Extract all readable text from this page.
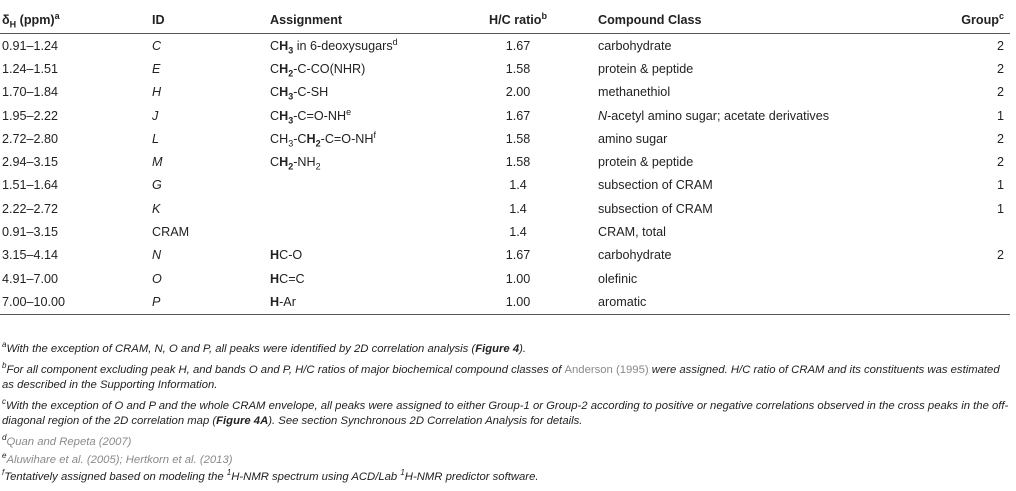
$\delta_H$ (ppm)$^a$	ID	Assignment	H/C ratio$^b$	Compound Class	Group$^c$
0.91–1.24	C	$CH_3$ in 6-deoxysugars$^d$	1.67	carbohydrate	2
1.24–1.51	E	$CH_2-C-CO(NHR)$	1.58	protein & peptide	2
1.70–1.84	H	$CH_3-C-SH$	2.00	methanethiol	2
1.95–2.22	J	$CH_3-C=O-NH^e$	1.67	N-acetyl amino sugar; acetate derivatives	1
2.72–2.80	L	$CH_3-CH_2-C=O-NH^f$	1.58	amino sugar	2
2.94–3.15	M	$CH_2-NH_2$	1.58	protein & peptide	2
1.51–1.64	G		1.4	subsection of CRAM	1
2.22–2.72	K		1.4	subsection of CRAM	1
0.91–3.15	CRAM		1.4	CRAM, total	
3.15–4.14	N	HC-O	1.67	carbohydrate	2
4.91–7.00	O	HC=C	1.00	olefinic	
7.00–10.00	P	H-Ar	1.00	aromatic	

$^a$With the exception of CRAM, N, O and P, all peaks were identified by 2D correlation analysis (Figure 4).

$^b$For all component excluding peak H, and bands O and P, H/C ratios of major biochemical compound classes of Anderson (1995) were assigned. H/C ratio of CRAM and its constituents was estimated as described in the Supporting Information.

$^c$With the exception of O and P and the whole CRAM envelope, all peaks were assigned to either Group-1 or Group-2 according to positive or negative correlations observed in the cross peaks in the off-diagonal region of the 2D correlation map (Figure 4A). See section Synchronous 2D Correlation Analysis for details.

$^d$Quan and Repeta (2007)

$^e$Aluwihare et al. (2005); Hertkorn et al. (2013)

$^f$Tentatively assigned based on modeling the $^1$H-NMR spectrum using ACD/Lab $^1$H-NMR predictor software.
